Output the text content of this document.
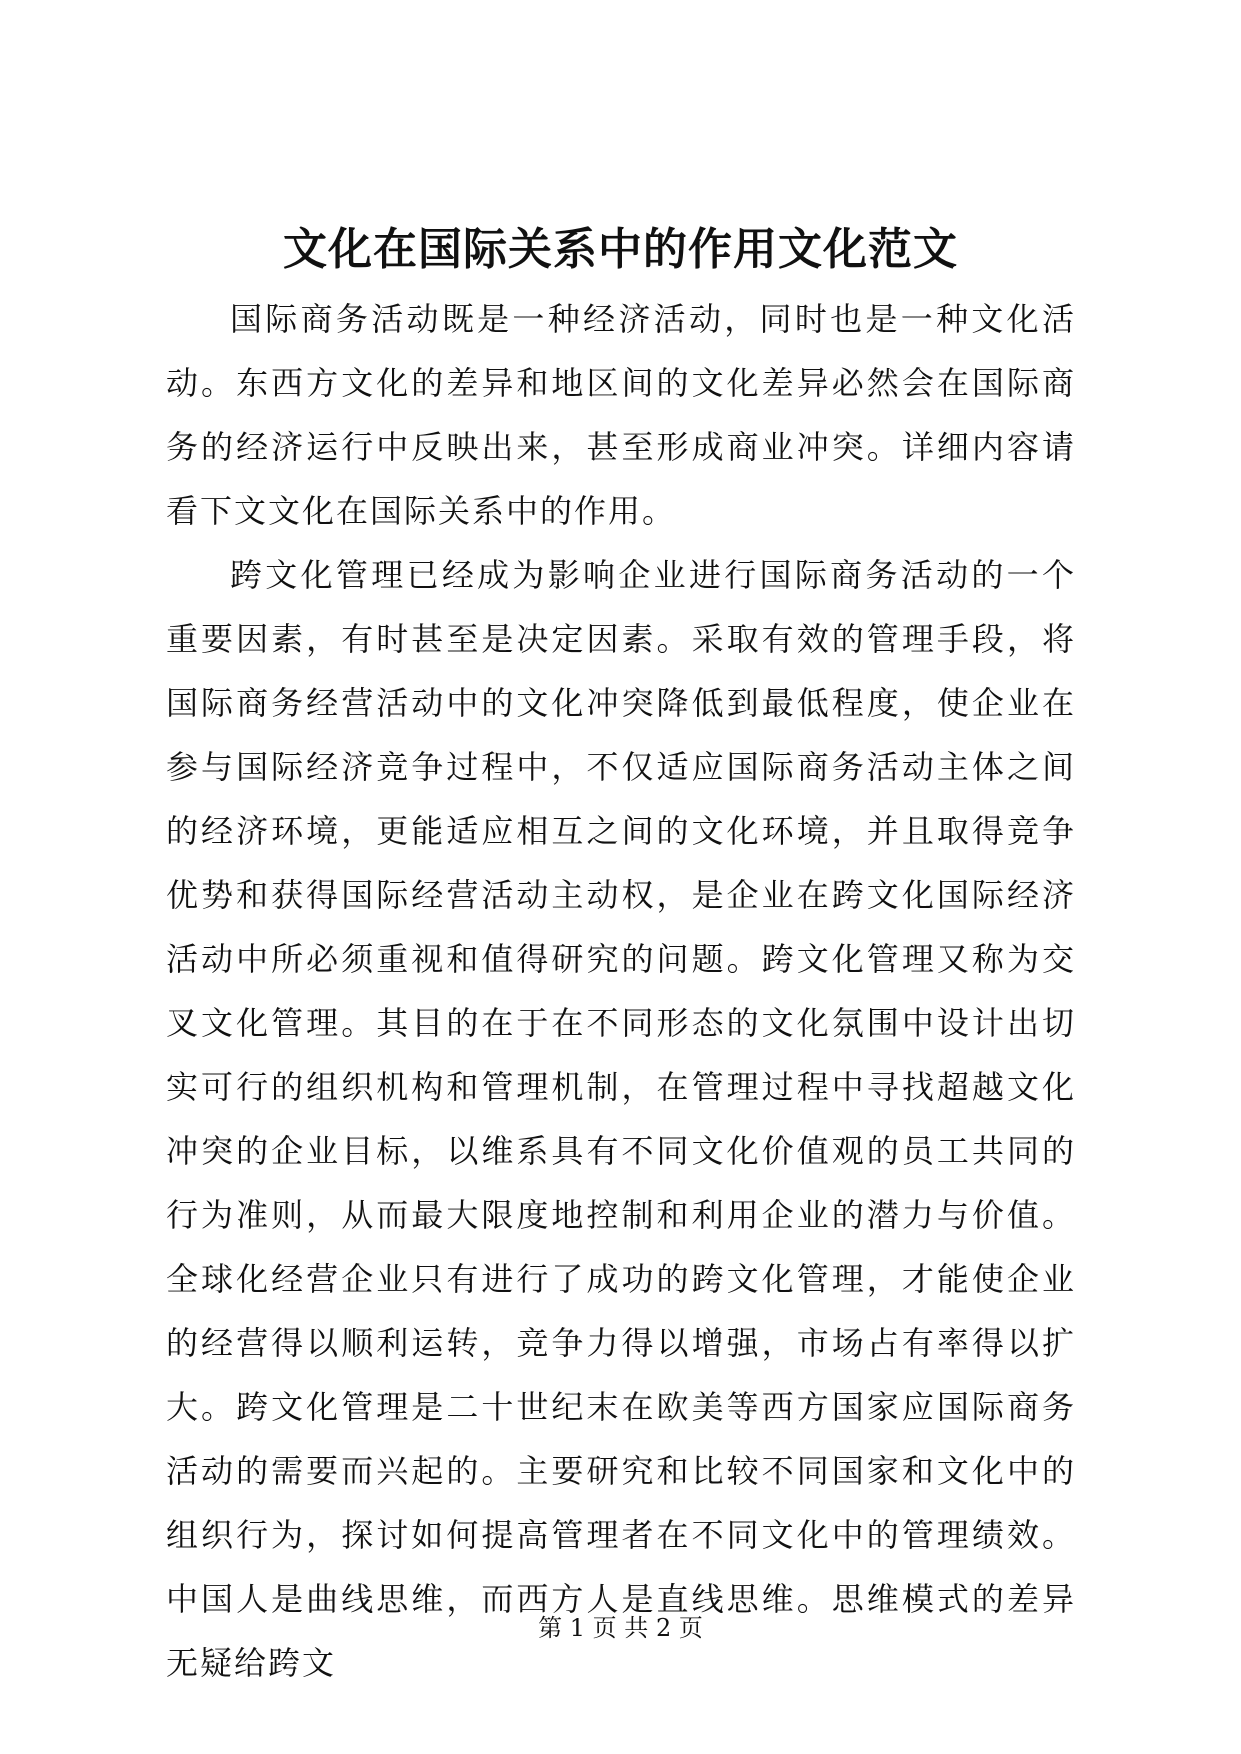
文化在国际关系中的作用文化范文

国际商务活动既是一种经济活动，同时也是一种文化活动。东西方文化的差异和地区间的文化差异必然会在国际商务的经济运行中反映出来，甚至形成商业冲突。详细内容请看下文文化在国际关系中的作用。

跨文化管理已经成为影响企业进行国际商务活动的一个重要因素，有时甚至是决定因素。采取有效的管理手段，将国际商务经营活动中的文化冲突降低到最低程度，使企业在参与国际经济竞争过程中，不仅适应国际商务活动主体之间的经济环境，更能适应相互之间的文化环境，并且取得竞争优势和获得国际经营活动主动权，是企业在跨文化国际经济活动中所必须重视和值得研究的问题。跨文化管理又称为交叉文化管理。其目的在于在不同形态的文化氛围中设计出切实可行的组织机构和管理机制，在管理过程中寻找超越文化冲突的企业目标，以维系具有不同文化价值观的员工共同的行为准则，从而最大限度地控制和利用企业的潜力与价值。全球化经营企业只有进行了成功的跨文化管理，才能使企业的经营得以顺利运转，竞争力得以增强，市场占有率得以扩大。跨文化管理是二十世纪末在欧美等西方国家应国际商务活动的需要而兴起的。主要研究和比较不同国家和文化中的组织行为，探讨如何提高管理者在不同文化中的管理绩效。中国人是曲线思维，而西方人是直线思维。思维模式的差异无疑给跨文

第 1 页 共 2 页
